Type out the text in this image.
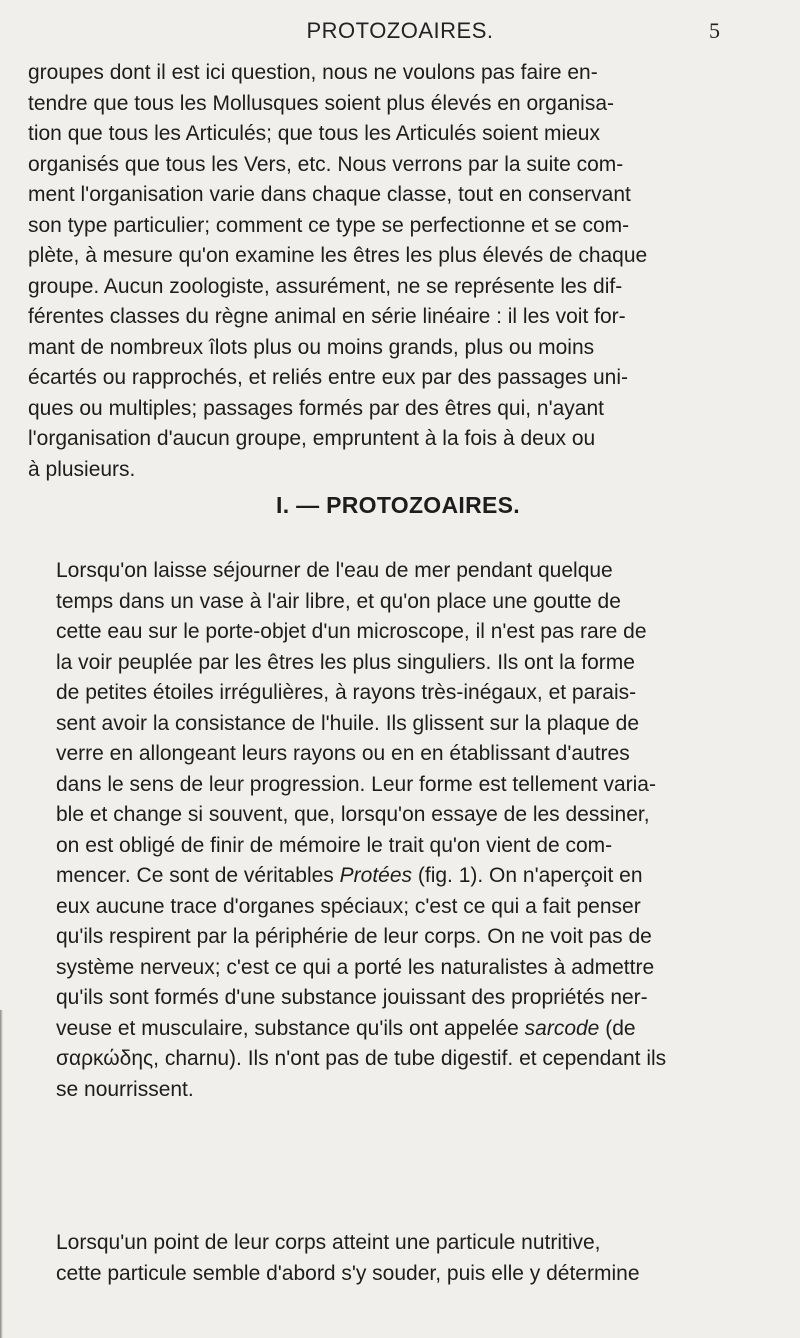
PROTOZOAIRES.	5
groupes dont il est ici question, nous ne voulons pas faire en-
tendre que tous les Mollusques soient plus élevés en organisa-
tion que tous les Articulés; que tous les Articulés soient mieux
organisés que tous les Vers, etc. Nous verrons par la suite com-
ment l'organisation varie dans chaque classe, tout en conservant
son type particulier; comment ce type se perfectionne et se com-
plète, à mesure qu'on examine les êtres les plus élevés de chaque
groupe. Aucun zoologiste, assurément, ne se représente les dif-
férentes classes du règne animal en série linéaire : il les voit for-
mant de nombreux îlots plus ou moins grands, plus ou moins
écartés ou rapprochés, et reliés entre eux par des passages uni-
ques ou multiples; passages formés par des êtres qui, n'ayant
l'organisation d'aucun groupe, empruntent à la fois à deux ou
à plusieurs.
I. — PROTOZOAIRES.
Lorsqu'on laisse séjourner de l'eau de mer pendant quelque
temps dans un vase à l'air libre, et qu'on place une goutte de
cette eau sur le porte-objet d'un microscope, il n'est pas rare de
la voir peuplée par les êtres les plus singuliers. Ils ont la forme
de petites étoiles irrégulières, à rayons très-inégaux, et parais-
sent avoir la consistance de l'huile. Ils glissent sur la plaque de
verre en allongeant leurs rayons ou en en établissant d'autres
dans le sens de leur progression. Leur forme est tellement varia-
ble et change si souvent, que, lorsqu'on essaye de les dessiner,
on est obligé de finir de mémoire le trait qu'on vient de com-
mencer. Ce sont de véritables Protées (fig. 1). On n'aperçoit en
eux aucune trace d'organes spéciaux; c'est ce qui a fait penser
qu'ils respirent par la périphérie de leur corps. On ne voit pas de
système nerveux; c'est ce qui a porté les naturalistes à admettre
qu'ils sont formés d'une substance jouissant des propriétés ner-
veuse et musculaire, substance qu'ils ont appelée sarcode (de
σαρκώδης, charnu). Ils n'ont pas de tube digestif. et cependant ils
se nourrissent.
Lorsqu'un point de leur corps atteint une particule nutritive,
cette particule semble d'abord s'y souder, puis elle y détermine
